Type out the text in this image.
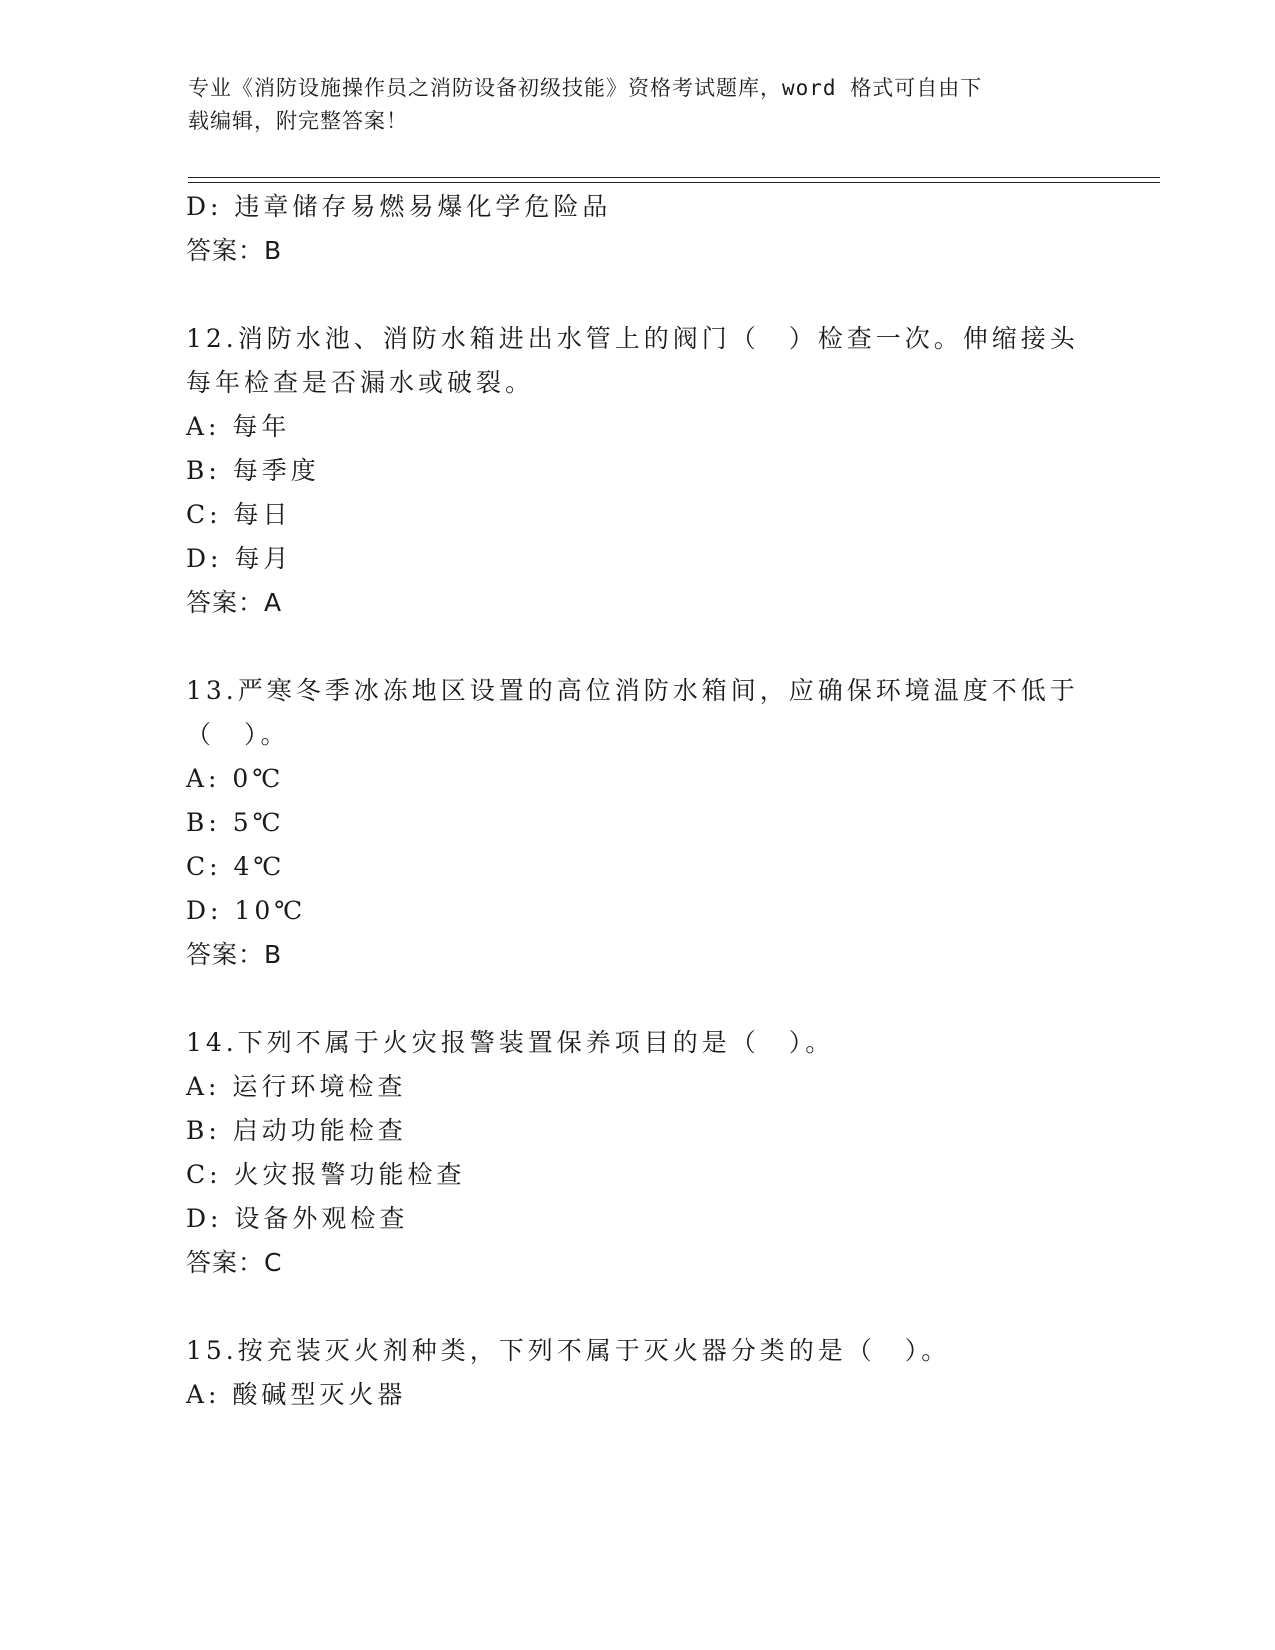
专业《消防设施操作员之消防设备初级技能》资格考试题库，word 格式可自由下
载编辑，附完整答案！
D: 违章储存易燃易爆化学危险品
答案：B
12.消防水池、消防水箱进出水管上的阀门（　）检查一次。伸缩接头
每年检查是否漏水或破裂。
A: 每年
B: 每季度
C: 每日
D: 每月
答案：A
13.严寒冬季冰冻地区设置的高位消防水箱间，应确保环境温度不低于
（　）。
A: 0℃
B: 5℃
C: 4℃
D: 10℃
答案：B
14.下列不属于火灾报警装置保养项目的是（　）。
A: 运行环境检查
B: 启动功能检查
C: 火灾报警功能检查
D: 设备外观检查
答案：C
15.按充装灭火剂种类，下列不属于灭火器分类的是（　）。
A: 酸碱型灭火器
